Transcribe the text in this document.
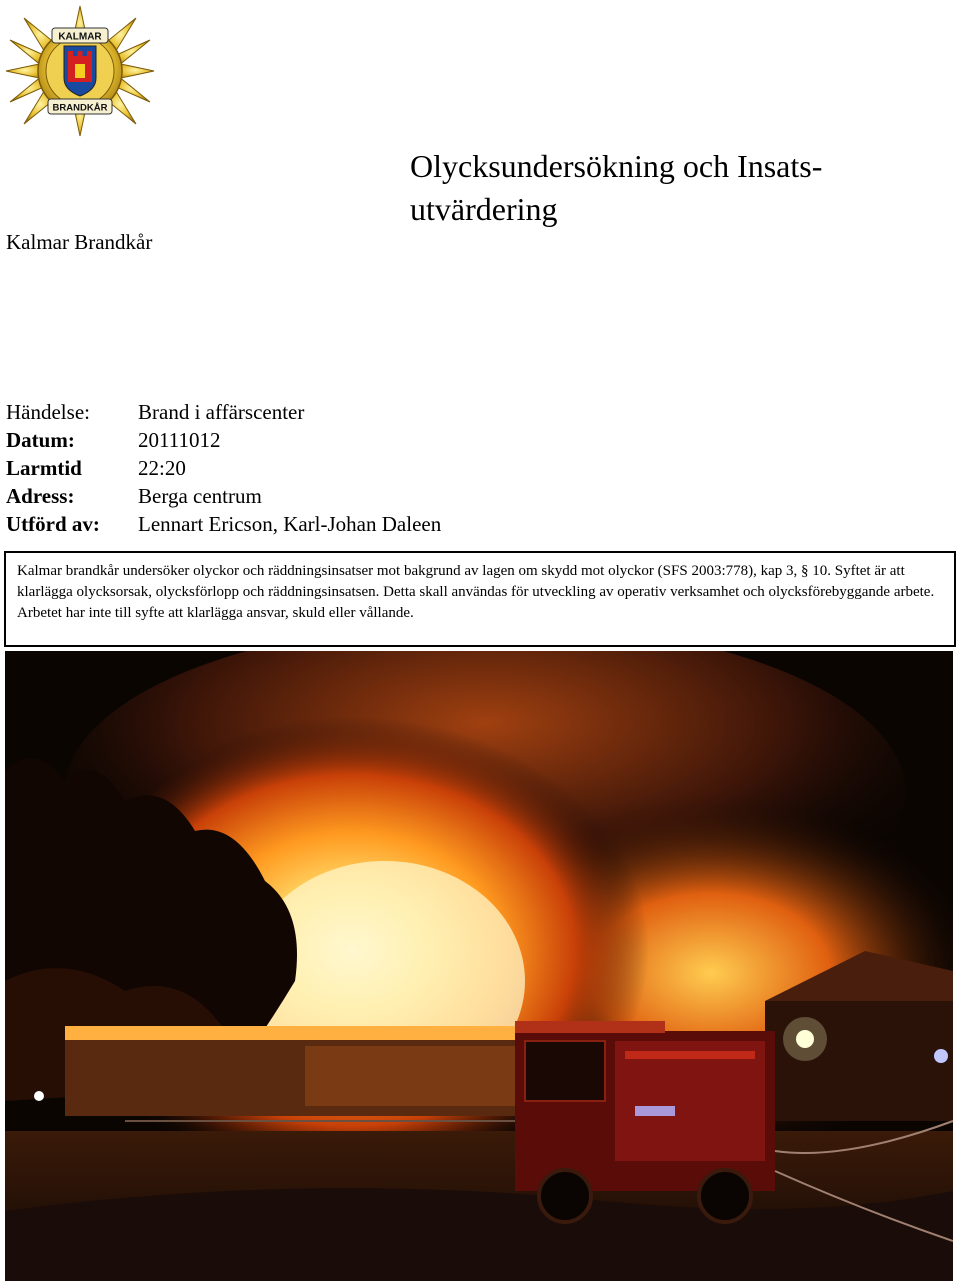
KALMAR
BRANDKÅR
Kalmar Brandkår
Olycksundersökning och Insats-
utvärdering
Händelse:	Brand i affärscenter
Datum:	20111012
Larmtid	22:20
Adress:	Berga centrum
Utförd av:	Lennart Ericson, Karl-Johan Daleen
Kalmar brandkår undersöker olyckor och räddningsinsatser mot bakgrund av lagen om skydd mot olyckor (SFS 2003:778), kap 3, § 10. Syftet är att klarlägga olycksorsak, olycksförlopp och räddningsinsatsen. Detta skall användas för utveckling av operativ verksamhet och olycksförebyggande arbete. Arbetet har inte till syfte att klarlägga ansvar, skuld eller vållande.
